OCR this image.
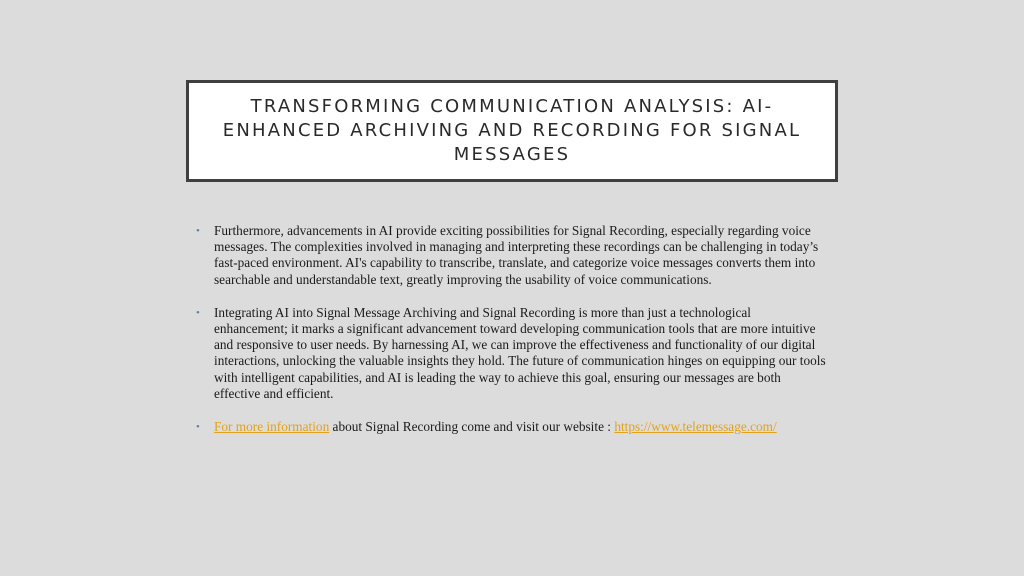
TRANSFORMING COMMUNICATION ANALYSIS: AI-ENHANCED ARCHIVING AND RECORDING FOR SIGNAL MESSAGES
• Furthermore, advancements in AI provide exciting possibilities for Signal Recording, especially regarding voice messages. The complexities involved in managing and interpreting these recordings can be challenging in today’s fast-paced environment. AI's capability to transcribe, translate, and categorize voice messages converts them into searchable and understandable text, greatly improving the usability of voice communications.
• Integrating AI into Signal Message Archiving and Signal Recording is more than just a technological enhancement; it marks a significant advancement toward developing communication tools that are more intuitive and responsive to user needs. By harnessing AI, we can improve the effectiveness and functionality of our digital interactions, unlocking the valuable insights they hold. The future of communication hinges on equipping our tools with intelligent capabilities, and AI is leading the way to achieve this goal, ensuring our messages are both effective and efficient.
• For more information about Signal Recording come and visit our website : https://www.telemessage.com/
